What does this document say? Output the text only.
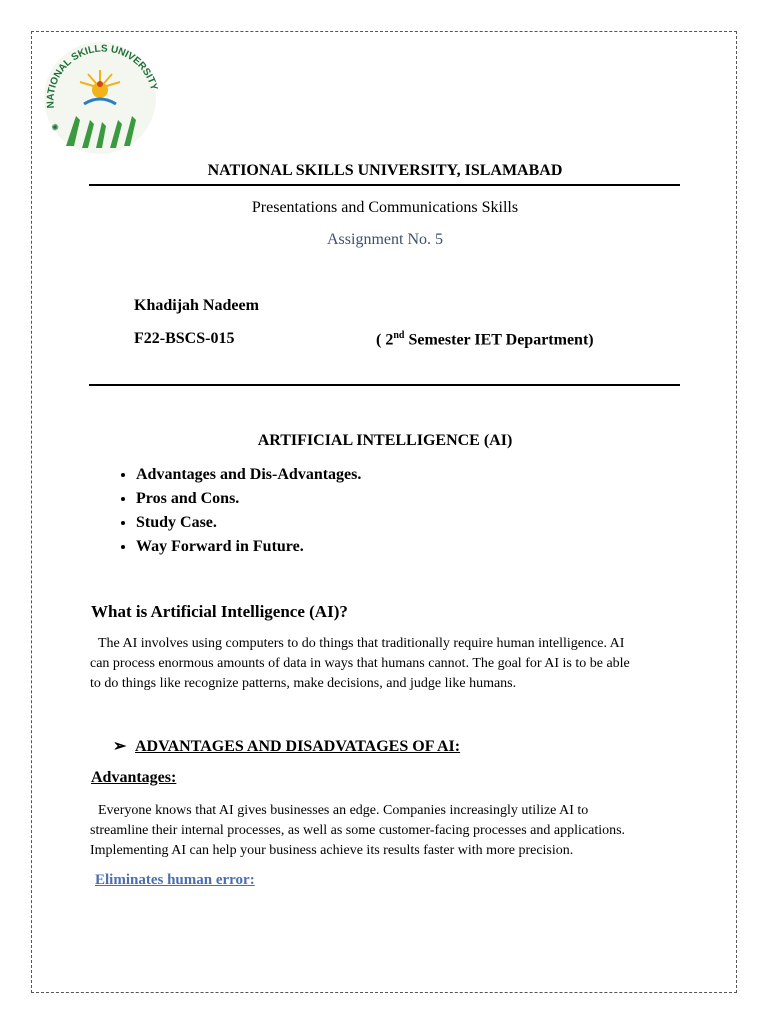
NATIONAL SKILLS UNIVERSITY
✺
NATIONAL SKILLS UNIVERSITY, ISLAMABAD
Presentations and Communications Skills
Assignment No. 5
Khadijah Nadeem
F22-BSCS-015	( 2nd Semester IET Department)
ARTIFICIAL INTELLIGENCE (AI)
• Advantages and Dis-Advantages.
• Pros and Cons.
• Study Case.
• Way Forward in Future.
What is Artificial Intelligence (AI)?
The AI involves using computers to do things that traditionally require human intelligence. AI
can process enormous amounts of data in ways that humans cannot. The goal for AI is to be able
to do things like recognize patterns, make decisions, and judge like humans.
➢ ADVANTAGES AND DISADVATAGES OF AI:
Advantages:
Everyone knows that AI gives businesses an edge. Companies increasingly utilize AI to
streamline their internal processes, as well as some customer-facing processes and applications.
Implementing AI can help your business achieve its results faster with more precision.
Eliminates human error:
